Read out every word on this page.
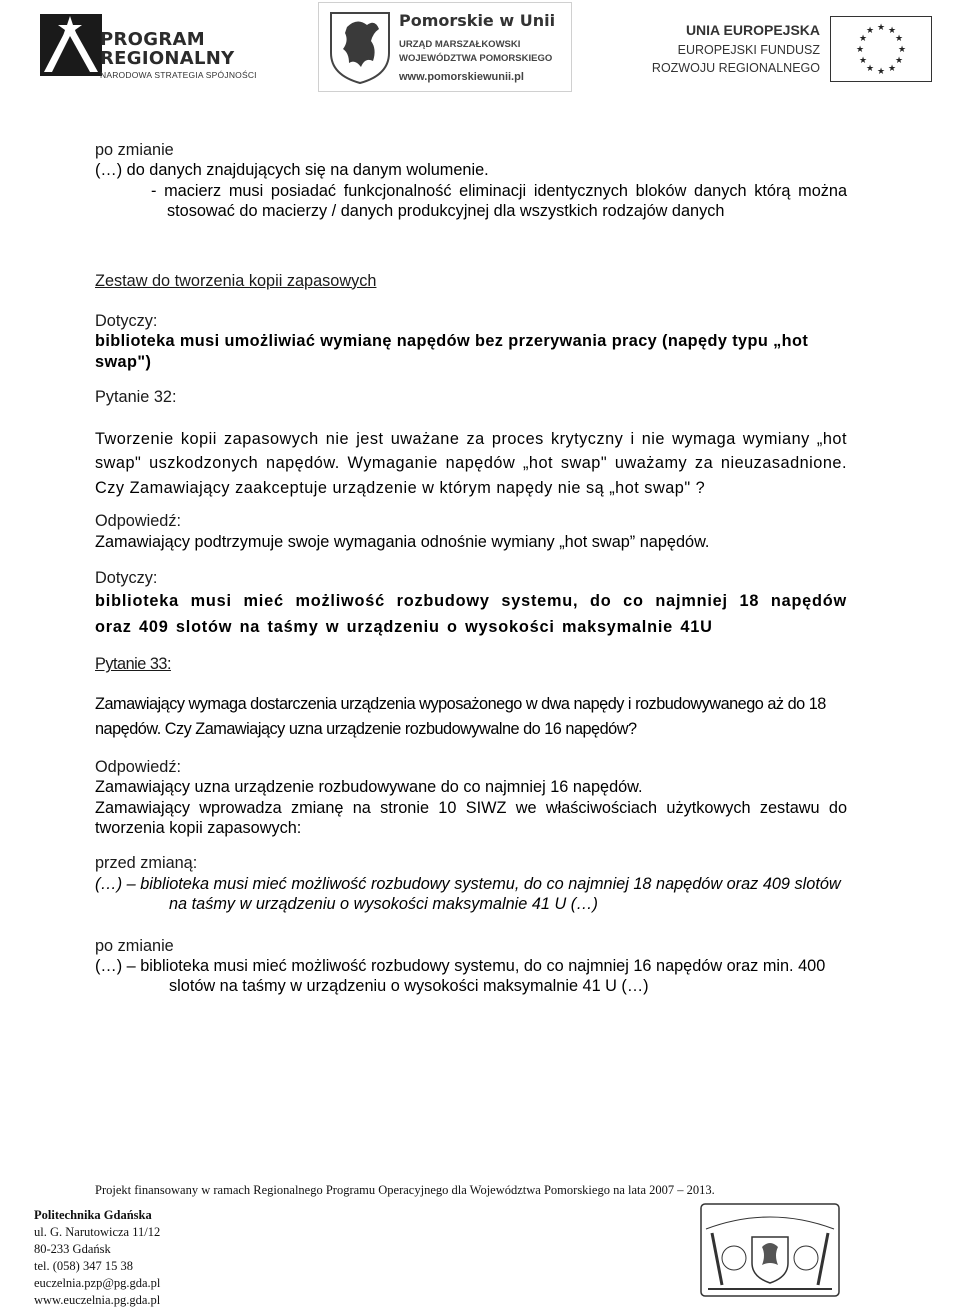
PROGRAM
REGIONALNY
NARODOWA STRATEGIA SPÓJNOŚCI
Pomorskie w Unii
URZĄD MARSZAŁKOWSKI
WOJEWÓDZTWA POMORSKIEGO
www.pomorskiewunii.pl
UNIA EUROPEJSKA
EUROPEJSKI FUNDUSZ
ROZWOJU REGIONALNEGO
★ ★
★
★
★
★
★
★
★
★
★
★

po zmianie

(…) do danych znajdujących się na danym wolumenie.

- macierz musi posiadać funkcjonalność eliminacji identycznych bloków danych którą można stosować do macierzy / danych produkcyjnej dla wszystkich rodzajów danych

Zestaw do tworzenia kopii zapasowych

Dotyczy:

biblioteka musi umożliwiać wymianę napędów bez przerywania pracy (napędy typu „hot swap")

Pytanie 32:

Tworzenie kopii zapasowych nie jest uważane za proces krytyczny i nie wymaga wymiany „hot swap" uszkodzonych napędów. Wymaganie napędów „hot swap" uważamy za nieuzasadnione. Czy Zamawiający zaakceptuje urządzenie w którym napędy nie są „hot swap" ?

Odpowiedź:

Zamawiający podtrzymuje swoje wymagania odnośnie wymiany „hot swap” napędów.

Dotyczy:

biblioteka musi mieć możliwość rozbudowy systemu, do co najmniej 18 napędów oraz 409 slotów na taśmy w urządzeniu o wysokości maksymalnie 41U

Pytanie 33:

Zamawiający wymaga dostarczenia urządzenia wyposażonego w dwa napędy i rozbudowywanego aż do 18 napędów. Czy Zamawiający uzna urządzenie rozbudowywalne do 16 napędów?

Odpowiedź:

Zamawiający uzna urządzenie rozbudowywane do co najmniej 16 napędów.

Zamawiający wprowadza zmianę na stronie 10 SIWZ we właściwościach użytkowych zestawu do tworzenia kopii zapasowych:

przed zmianą:

(…) – biblioteka musi mieć możliwość rozbudowy systemu, do co najmniej 18 napędów oraz 409 slotów na taśmy w urządzeniu o wysokości maksymalnie 41 U (…)

po zmianie

(…) – biblioteka musi mieć możliwość rozbudowy systemu, do co najmniej 16 napędów oraz min. 400 slotów na taśmy w urządzeniu o wysokości maksymalnie 41 U (…)

Projekt finansowany w ramach Regionalnego Programu Operacyjnego dla Województwa Pomorskiego na lata 2007 – 2013.
Politechnika Gdańska
ul. G. Narutowicza 11/12
80-233 Gdańsk
tel. (058) 347 15 38
euczelnia.pzp@pg.gda.pl
www.euczelnia.pg.gda.pl
